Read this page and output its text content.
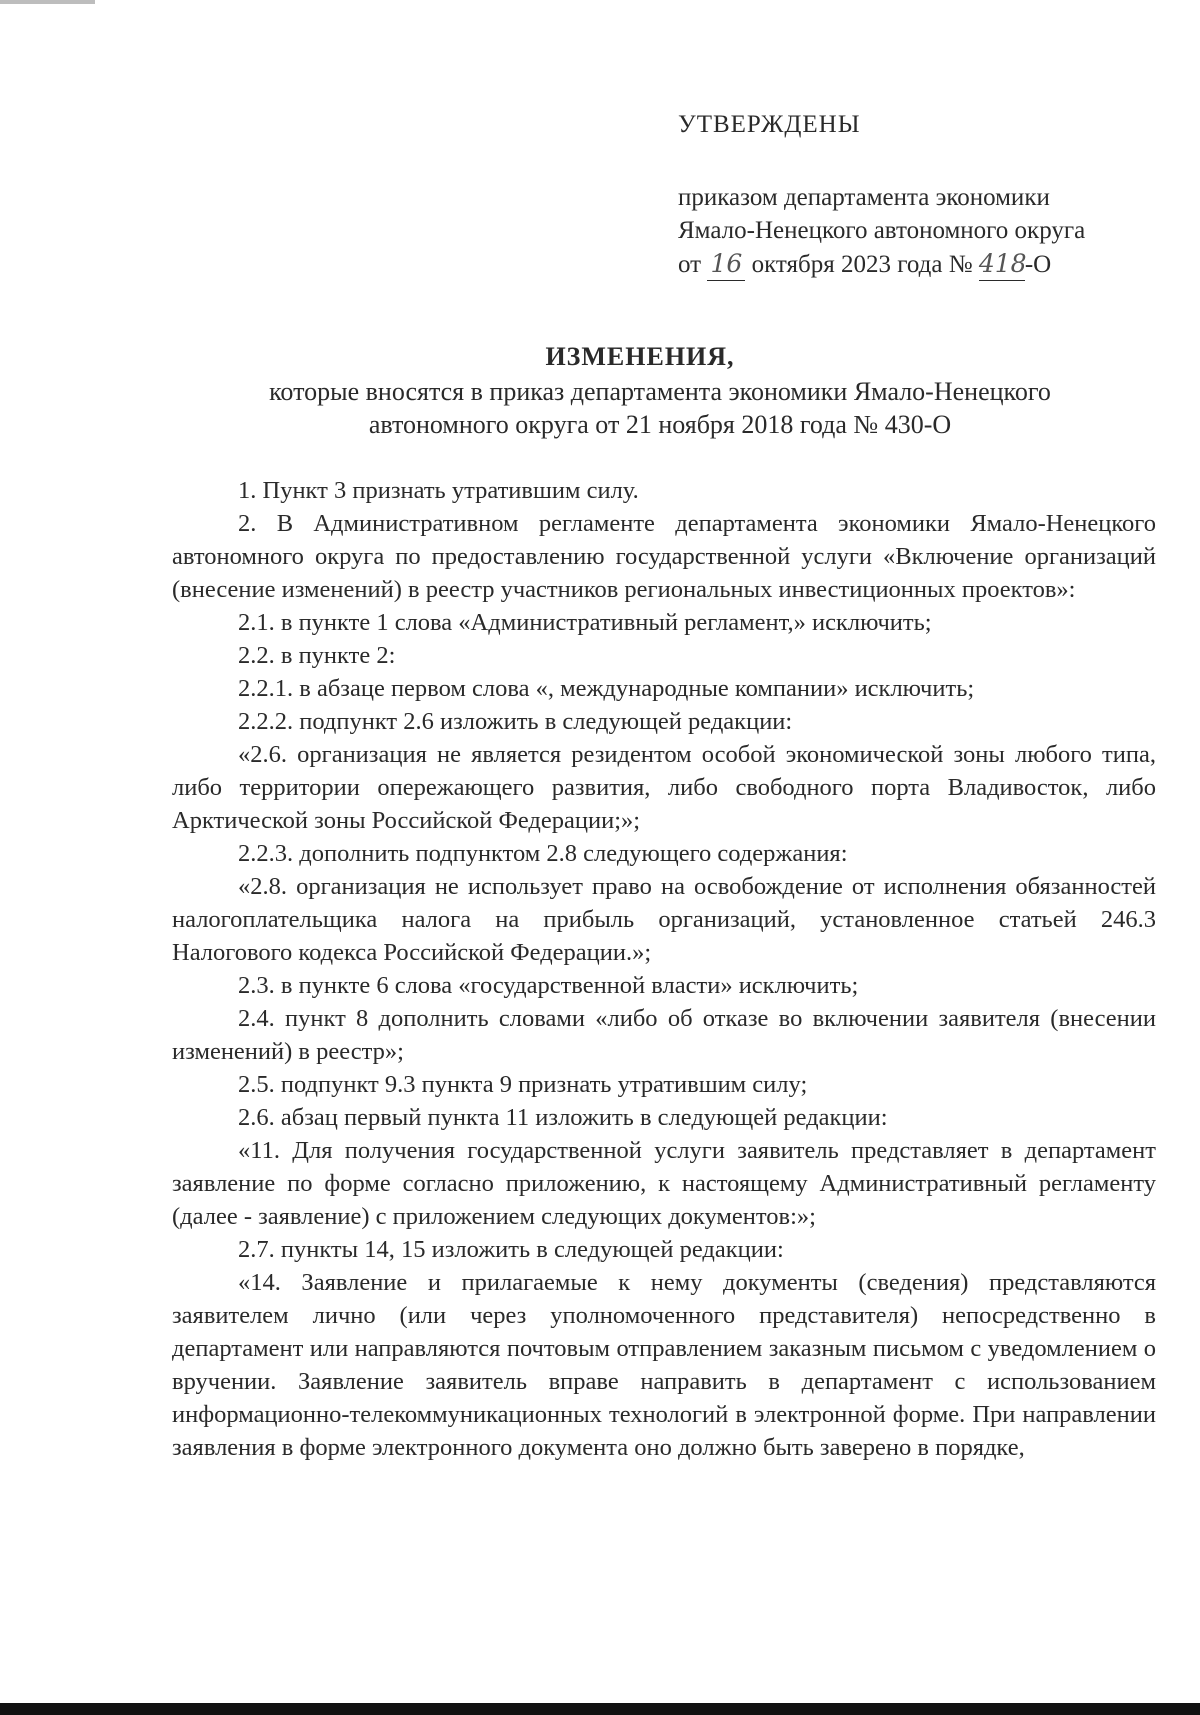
УТВЕРЖДЕНЫ
приказом департамента экономики
Ямало-Ненецкого автономного округа
от 16 октября 2023 года № 418-О
ИЗМЕНЕНИЯ,
которые вносятся в приказ департамента экономики Ямало-Ненецкого
автономного округа от 21 ноября 2018 года № 430-О

1. Пункт 3 признать утратившим силу.

2. В Административном регламенте департамента экономики Ямало-Ненецкого автономного округа по предоставлению государственной услуги «Включение организаций (внесение изменений) в реестр участников региональных инвестиционных проектов»:

2.1. в пункте 1 слова «Административный регламент,» исключить;

2.2. в пункте 2:

2.2.1. в абзаце первом слова «, международные компании» исключить;

2.2.2. подпункт 2.6 изложить в следующей редакции:

«2.6. организация не является резидентом особой экономической зоны любого типа, либо территории опережающего развития, либо свободного порта Владивосток, либо Арктической зоны Российской Федерации;»;

2.2.3. дополнить подпунктом 2.8 следующего содержания:

«2.8. организация не использует право на освобождение от исполнения обязанностей налогоплательщика налога на прибыль организаций, установленное статьей 246.3 Налогового кодекса Российской Федерации.»;

2.3. в пункте 6 слова «государственной власти» исключить;

2.4. пункт 8 дополнить словами «либо об отказе во включении заявителя (внесении изменений) в реестр»;

2.5. подпункт 9.3 пункта 9 признать утратившим силу;

2.6. абзац первый пункта 11 изложить в следующей редакции:

«11. Для получения государственной услуги заявитель представляет в департамент заявление по форме согласно приложению, к настоящему Административный регламенту (далее - заявление) с приложением следующих документов:»;

2.7. пункты 14, 15 изложить в следующей редакции:

«14. Заявление и прилагаемые к нему документы (сведения) представляются заявителем лично (или через уполномоченного представителя) непосредственно в департамент или направляются почтовым отправлением заказным письмом с уведомлением о вручении. Заявление заявитель вправе направить в департамент с использованием информационно-телекоммуникационных технологий в электронной форме. При направлении заявления в форме электронного документа оно должно быть заверено в порядке,
